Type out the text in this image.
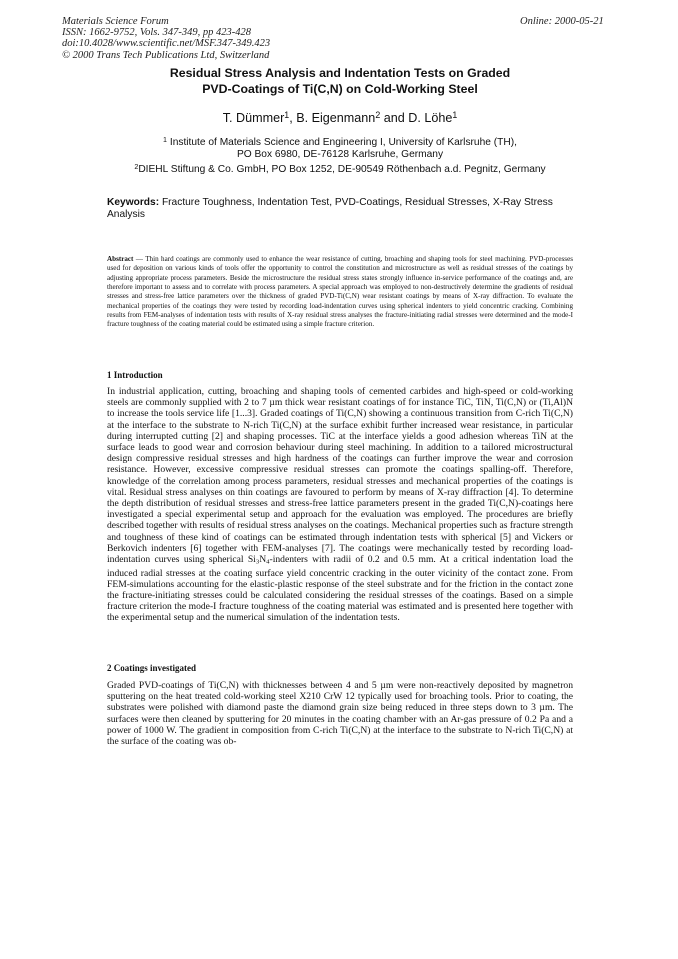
Materials Science Forum
ISSN: 1662-9752, Vols. 347-349, pp 423-428
doi:10.4028/www.scientific.net/MSF.347-349.423
© 2000 Trans Tech Publications Ltd, Switzerland
Online: 2000-05-21
Residual Stress Analysis and Indentation Tests on Graded
PVD-Coatings of Ti(C,N) on Cold-Working Steel
T. Dümmer$^1$, B. Eigenmann$^2$ and D. Löhe$^1$
$^1$ Institute of Materials Science and Engineering I, University of Karlsruhe (TH),
PO Box 6980, DE-76128 Karlsruhe, Germany
$^2$DIEHL Stiftung & Co. GmbH, PO Box 1252, DE-90549 Röthenbach a.d. Pegnitz, Germany
Keywords: Fracture Toughness, Indentation Test, PVD-Coatings, Residual Stresses, X-Ray Stress Analysis
Abstract — Thin hard coatings are commonly used to enhance the wear resistance of cutting, broaching and shaping tools for steel machining. PVD-processes used for deposition on various kinds of tools offer the opportunity to control the constitution and microstructure as well as residual stresses of the coatings by adjusting appropriate process parameters. Beside the microstructure the residual stress states strongly influence in-service performance of the coatings and, are therefore important to assess and to correlate with process parameters. A special approach was employed to non-destructively determine the gradients of residual stresses and stress-free lattice parameters over the thickness of graded PVD-Ti(C,N) wear resistant coatings by means of X-ray diffraction. To evaluate the mechanical properties of the coatings they were tested by recording load-indentation curves using spherical indenters to yield concentric cracking. Combining results from FEM-analyses of indentation tests with results of X-ray residual stress analyses the fracture-initiating radial stresses were determined and the mode-I fracture toughness of the coating material could be estimated using a simple fracture criterion.
1 Introduction
In industrial application, cutting, broaching and shaping tools of cemented carbides and high-speed or cold-working steels are commonly supplied with 2 to 7 µm thick wear resistant coatings of for instance TiC, TiN, Ti(C,N) or (Ti,Al)N to increase the tools service life [1...3]. Graded coatings of Ti(C,N) showing a continuous transition from C-rich Ti(C,N) at the interface to the substrate to N-rich Ti(C,N) at the surface exhibit further increased wear resistance, in particular during interrupted cutting [2] and shaping processes. TiC at the interface yields a good adhesion whereas TiN at the surface leads to good wear and corrosion behaviour during steel machining. In addition to a tailored microstructural design compressive residual stresses and high hardness of the coatings can further improve the wear and corrosion resistance. However, excessive compressive residual stresses can promote the coatings spalling-off. Therefore, knowledge of the correlation among process parameters, residual stresses and mechanical properties of the coatings is vital. Residual stress analyses on thin coatings are favoured to perform by means of X-ray diffraction [4]. To determine the depth distribution of residual stresses and stress-free lattice parameters present in the graded Ti(C,N)-coatings here investigated a special experimental setup and approach for the evaluation was employed. The procedures are briefly described together with results of residual stress analyses on the coatings. Mechanical properties such as fracture strength and toughness of these kind of coatings can be estimated through indentation tests with spherical [5] and Vickers or Berkovich indenters [6] together with FEM-analyses [7]. The coatings were mechanically tested by recording load-indentation curves using spherical $Si_3N_4$-indenters with radii of 0.2 and 0.5 mm. At a critical indentation load the induced radial stresses at the coating surface yield concentric cracking in the outer vicinity of the contact zone. From FEM-simulations accounting for the elastic-plastic response of the steel substrate and for the friction in the contact zone the fracture-initiating stresses could be calculated considering the residual stresses of the coatings. Based on a simple fracture criterion the mode-I fracture toughness of the coating material was estimated and is presented here together with the experimental setup and the numerical simulation of the indentation tests.
2 Coatings investigated
Graded PVD-coatings of Ti(C,N) with thicknesses between 4 and 5 µm were non-reactively deposited by magnetron sputtering on the heat treated cold-working steel X210 CrW 12 typically used for broaching tools. Prior to coating, the substrates were polished with diamond paste the diamond grain size being reduced in three steps down to 3 µm. The surfaces were then cleaned by sputtering for 20 minutes in the coating chamber with an Ar-gas pressure of 0.2 Pa and a power of 1000 W. The gradient in composition from C-rich Ti(C,N) at the interface to the substrate to N-rich Ti(C,N) at the surface of the coating was ob-
